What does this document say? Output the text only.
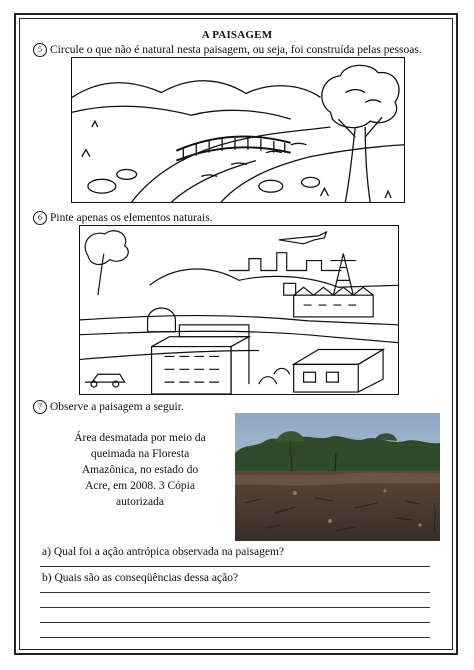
A PAISAGEM
5 Circule o que não é natural nesta paisagem, ou seja, foi construída pelas pessoas.
6 Pinte apenas os elementos naturais.
7 Observe a paisagem a seguir.
Área desmatada por meio da queimada na Floresta Amazônica, no estado do Acre, em 2008. 3 Cópia autorizada
a) Qual foi a ação antrópica observada na paisagem?
b) Quais são as conseqüências dessa ação?
